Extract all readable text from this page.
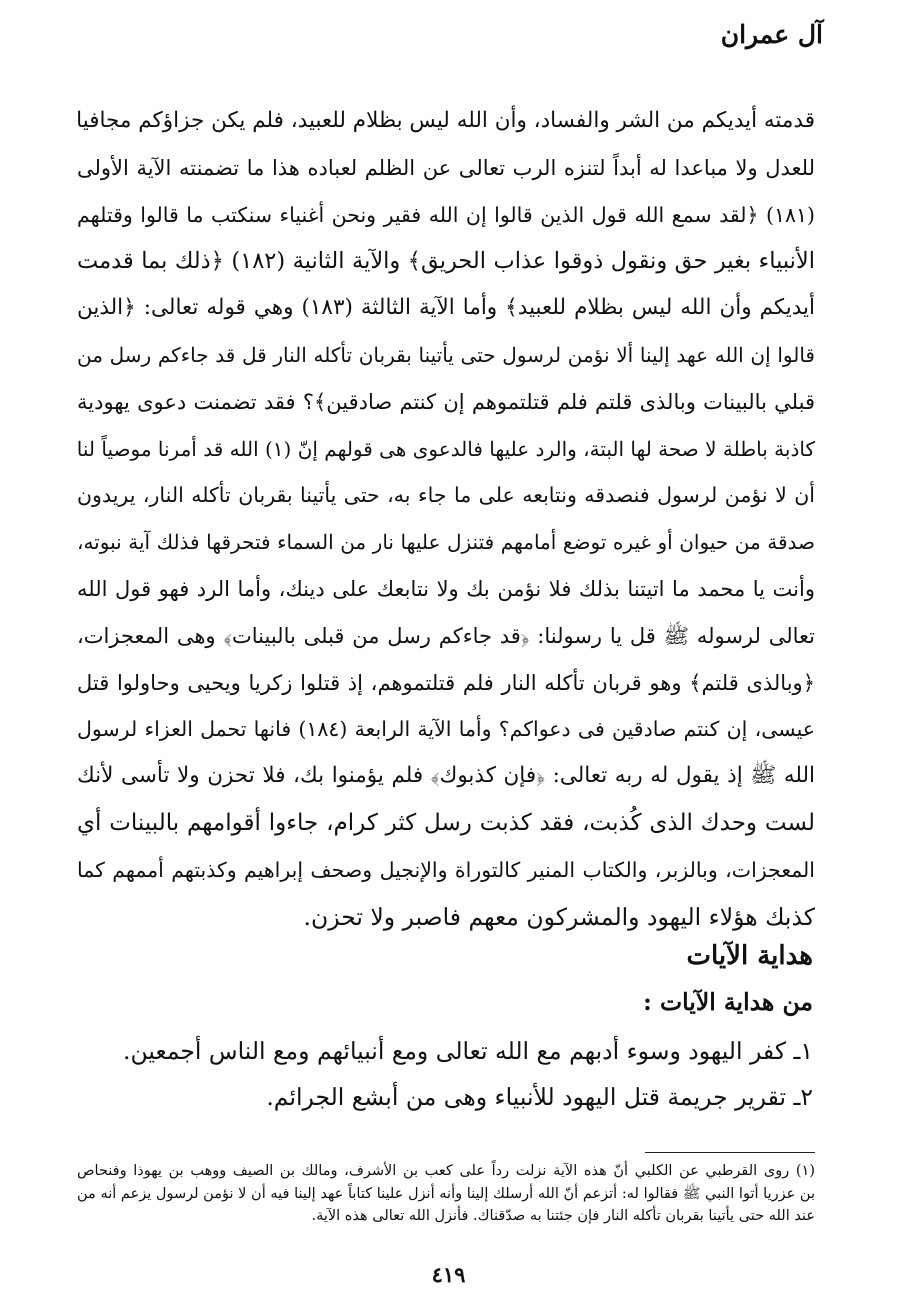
آل عمران
قدمته أيديكم من الشر والفساد، وأن الله ليس بظلام للعبيد، فلم يكن جزاؤكم مجافيا
للعدل ولا مباعدا له أبداً لتنزه الرب تعالى عن الظلم لعباده هذا ما تضمنته الآية الأولى
(١٨١) ﴿لقد سمع الله قول الذين قالوا إن الله فقير ونحن أغنياء سنكتب ما قالوا وقتلهم
الأنبياء بغير حق ونقول ذوقوا عذاب الحريق﴾ والآية الثانية (١٨٢) ﴿ذلك بما قدمت
أيديكم وأن الله ليس بظلام للعبيد﴾ وأما الآية الثالثة (١٨٣) وهي قوله تعالى: ﴿الذين
قالوا إن الله عهد إلينا ألا نؤمن لرسول حتى يأتينا بقربان تأكله النار قل قد جاءكم رسل من
قبلي بالبينات وبالذى قلتم فلم قتلتموهم إن كنتم صادقين﴾؟ فقد تضمنت دعوى يهودية
كاذبة باطلة لا صحة لها البتة، والرد عليها فالدعوى هى قولهم إنّ (١) الله قد أمرنا موصياً لنا
أن لا نؤمن لرسول فنصدقه ونتابعه على ما جاء به، حتى يأتينا بقربان تأكله النار، يريدون
صدقة من حيوان أو غيره توضع أمامهم فتنزل عليها نار من السماء فتحرقها فذلك آية نبوته،
وأنت يا محمد ما اتيتنا بذلك فلا نؤمن بك ولا نتابعك على دينك، وأما الرد فهو قول الله
تعالى لرسوله ﷺ قل يا رسولنا: ﴿قد جاءكم رسل من قبلى بالبينات﴾ وهى المعجزات،
﴿وبالذى قلتم﴾ وهو قربان تأكله النار فلم قتلتموهم، إذ قتلوا زكريا ويحيى وحاولوا قتل
عيسى، إن كنتم صادقين فى دعواكم؟ وأما الآية الرابعة (١٨٤) فانها تحمل العزاء لرسول
الله ﷺ إذ يقول له ربه تعالى: ﴿فإن كذبوك﴾ فلم يؤمنوا بك، فلا تحزن ولا تأسى لأنك
لست وحدك الذى كُذبت، فقد كذبت رسل كثر كرام، جاءوا أقوامهم بالبينات أي
المعجزات، وبالزبر، والكتاب المنير كالتوراة والإنجيل وصحف إبراهيم وكذبتهم أممهم كما
كذبك هؤلاء اليهود والمشركون معهم فاصبر ولا تحزن.
هداية الآيات
من هداية الآيات :
١ـ كفر اليهود وسوء أدبهم مع الله تعالى ومع أنبيائهم ومع الناس أجمعين.
٢ـ تقرير جريمة قتل اليهود للأنبياء وهى من أبشع الجرائم.
(١) روى القرطبي عن الكلبي أنّ هذه الآية نزلت رداً على كعب بن الأشرف، ومالك بن الصيف ووهب بن يهوذا وفنحاص
بن عزريا أتوا النبي ﷺ فقالوا له: أتزعم أنّ الله أرسلك إلينا وأنه أنزل علينا كتاباً عهد إلينا فيه أن لا نؤمن لرسول يزعم أنه من
عند الله حتى يأتينا بقربان تأكله النار فإن جئتنا به صدّقناك. فأنزل الله تعالى هذه الآية.
٤١٩
